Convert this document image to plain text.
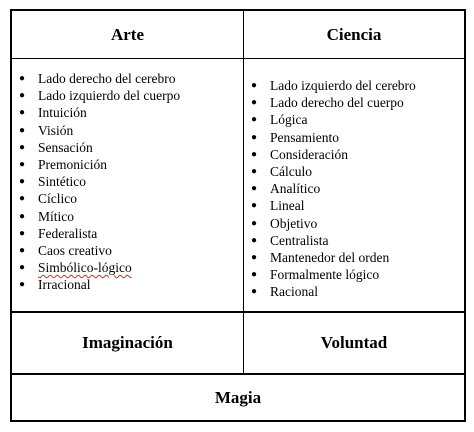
Arte	Ciencia
● Lado derecho del cerebro
● Lado izquierdo del cuerpo
● Intuición
● Visión
● Sensación
● Premonición
● Sintético
● Cíclico
● Mítico
● Federalista
● Caos creativo
● Simbólico-lógico
● Irracional
● Lado izquierdo del cerebro
● Lado derecho del cuerpo
● Lógica
● Pensamiento
● Consideración
● Cálculo
● Analítico
● Lineal
● Objetivo
● Centralista
● Mantenedor del orden
● Formalmente lógico
● Racional
Imaginación	Voluntad
Magia
